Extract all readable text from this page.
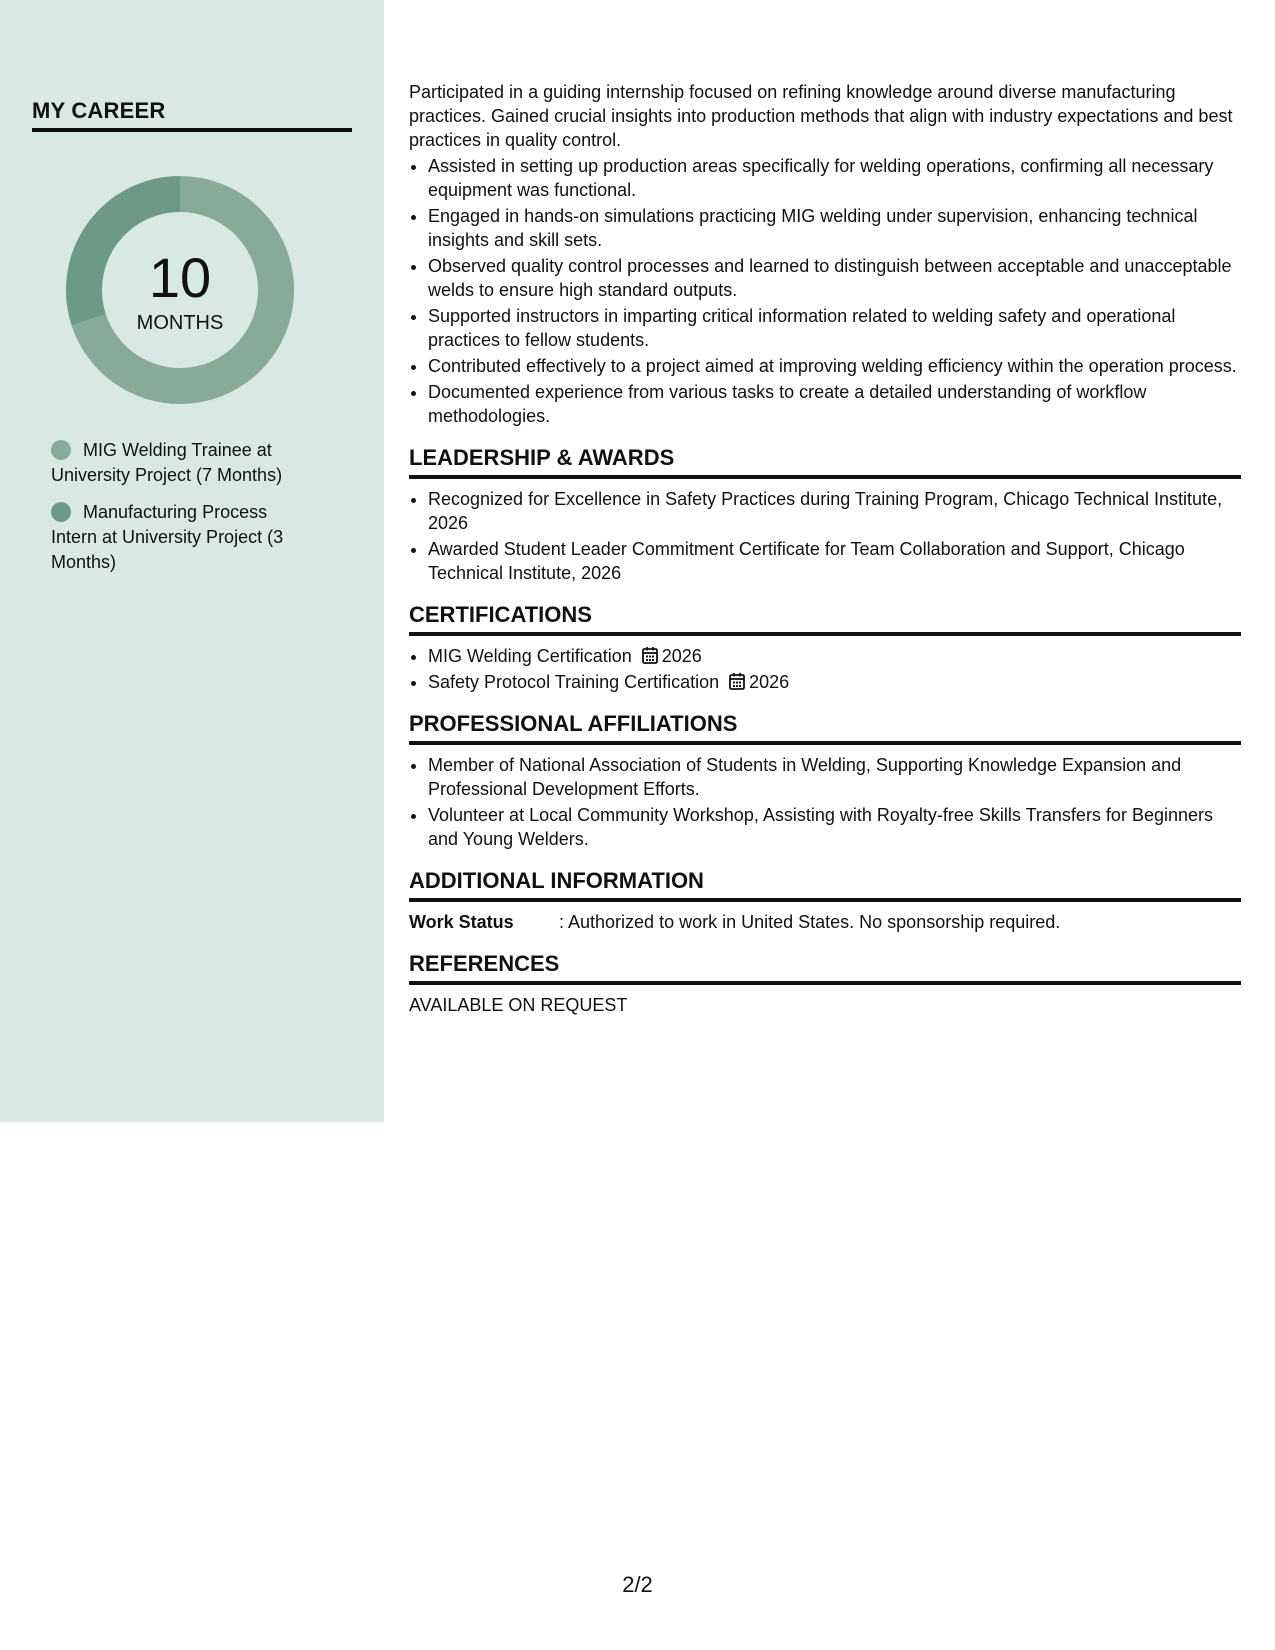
MY CAREER
10
MONTHS
MIG Welding Trainee at University Project (7 Months)
Manufacturing Process Intern at University Project (3 Months)

Participated in a guiding internship focused on refining knowledge around diverse manufacturing practices. Gained crucial insights into production methods that align with industry expectations and best practices in quality control.

• Assisted in setting up production areas specifically for welding operations, confirming all necessary equipment was functional.
• Engaged in hands-on simulations practicing MIG welding under supervision, enhancing technical insights and skill sets.
• Observed quality control processes and learned to distinguish between acceptable and unacceptable welds to ensure high standard outputs.
• Supported instructors in imparting critical information related to welding safety and operational practices to fellow students.
• Contributed effectively to a project aimed at improving welding efficiency within the operation process.
• Documented experience from various tasks to create a detailed understanding of workflow methodologies.
LEADERSHIP & AWARDS
• Recognized for Excellence in Safety Practices during Training Program, Chicago Technical Institute, 2026
• Awarded Student Leader Commitment Certificate for Team Collaboration and Support, Chicago Technical Institute, 2026
CERTIFICATIONS
• MIG Welding Certification 2026
• Safety Protocol Training Certification 2026
PROFESSIONAL AFFILIATIONS
• Member of National Association of Students in Welding, Supporting Knowledge Expansion and Professional Development Efforts.
• Volunteer at Local Community Workshop, Assisting with Royalty-free Skills Transfers for Beginners and Young Welders.
ADDITIONAL INFORMATION
Work Status	: Authorized to work in United States. No sponsorship required.
REFERENCES

AVAILABLE ON REQUEST

2/2
